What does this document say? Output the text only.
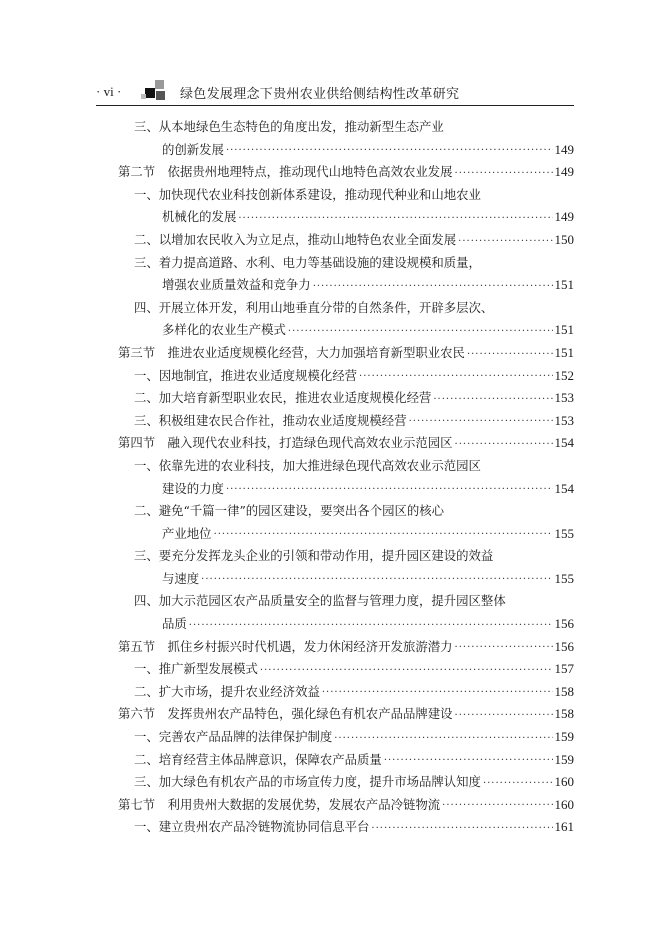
· vi ·	绿色发展理念下贵州农业供给侧结构性改革研究
三、从本地绿色生态特色的角度出发，推动新型生态产业
的创新发展 ·····	149
第二节　依据贵州地理特点，推动现代山地特色高效农业发展 ·····	149
一、加快现代农业科技创新体系建设，推动现代种业和山地农业
机械化的发展 ·····	149
二、以增加农民收入为立足点，推动山地特色农业全面发展 ·····	150
三、着力提高道路、水利、电力等基础设施的建设规模和质量，
增强农业质量效益和竞争力 ·····	151
四、开展立体开发，利用山地垂直分带的自然条件，开辟多层次、
多样化的农业生产模式 ·····	151
第三节　推进农业适度规模化经营，大力加强培育新型职业农民 ·····	151
一、因地制宜，推进农业适度规模化经营 ·····	152
二、加大培育新型职业农民，推进农业适度规模化经营 ·····	153
三、积极组建农民合作社，推动农业适度规模经营 ·····	153
第四节　融入现代农业科技，打造绿色现代高效农业示范园区 ·····	154
一、依靠先进的农业科技，加大推进绿色现代高效农业示范园区
建设的力度 ·····	154
二、避免“千篇一律”的园区建设，要突出各个园区的核心
产业地位 ·····	155
三、要充分发挥龙头企业的引领和带动作用，提升园区建设的效益
与速度 ·····	155
四、加大示范园区农产品质量安全的监督与管理力度，提升园区整体
品质 ·····	156
第五节　抓住乡村振兴时代机遇，发力休闲经济开发旅游潜力 ·····	156
一、推广新型发展模式 ·····	157
二、扩大市场，提升农业经济效益 ·····	158
第六节　发挥贵州农产品特色，强化绿色有机农产品品牌建设 ·····	158
一、完善农产品品牌的法律保护制度 ·····	159
二、培育经营主体品牌意识，保障农产品质量 ·····	159
三、加大绿色有机农产品的市场宣传力度，提升市场品牌认知度 ·····	160
第七节　利用贵州大数据的发展优势，发展农产品冷链物流 ·····	160
一、建立贵州农产品冷链物流协同信息平台 ·····	161
